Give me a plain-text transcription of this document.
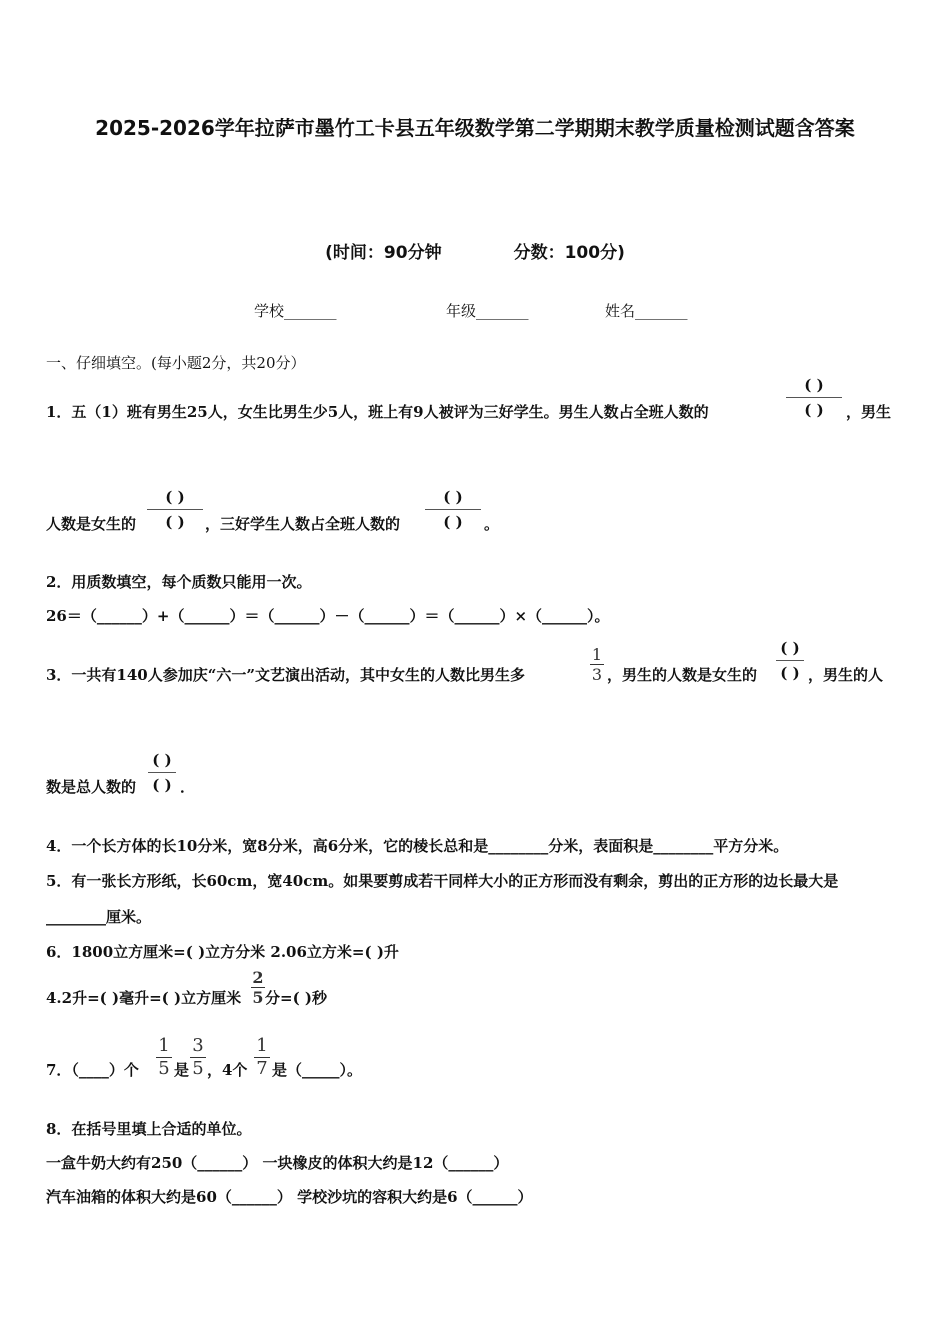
2025-2026学年拉萨市墨竹工卡县五年级数学第二学期期末教学质量检测试题含答案
(时间：90分钟	分数：100分)
学校_______	年级_______	姓名_______
一、仔细填空。(每小题2分，共20分）
1．五（1）班有男生25人，女生比男生少5人，班上有9人被评为三好学生。男生人数占全班人数的
( )
( )	，男生
人数是女生的
( )
( )	，三好学生人数占全班人数的
( )
( )	。
2．用质数填空，每个质数只能用一次。
26＝（______）+（______）＝（______）－（______）＝（______）×（______）。
3．一共有140人参加庆“六一”文艺演出活动，其中女生的人数比男生多
1
3 ，男生的人数是女生的
( )
( ) ，男生的人
数是总人数的
( )
( ) ．
4．一个长方体的长10分米，宽8分米，高6分米，它的棱长总和是________分米，表面积是________平方分米。
5．有一张长方形纸，长60cm，宽40cm。如果要剪成若干同样大小的正方形而没有剩余，剪出的正方形的边长最大是
________厘米。
6．1800立方厘米=( )立方分米 2.06立方米=( )升
4.2升=( )毫升=( )立方厘米
2
5 分=( )秒
7．（____）个
1
5 是
3
5 ，4个
1
7 是（_____）。
8．在括号里填上合适的单位。
一盒牛奶大约有250（______） 一块橡皮的体积大约是12（______）
汽车油箱的体积大约是60（______） 学校沙坑的容积大约是6（______）
